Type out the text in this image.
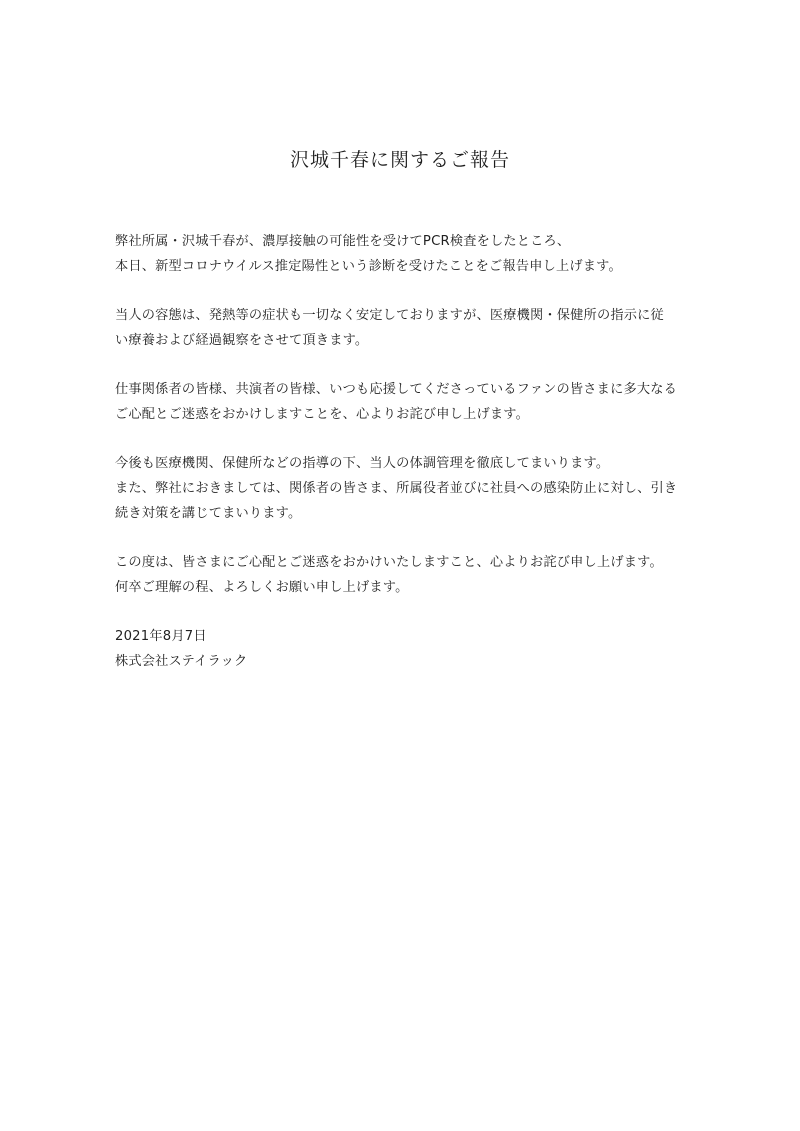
沢城千春に関するご報告

弊社所属・沢城千春が、濃厚接触の可能性を受けてPCR検査をしたところ、
本日、新型コロナウイルス推定陽性という診断を受けたことをご報告申し上げます。

当人の容態は、発熱等の症状も一切なく安定しておりますが、医療機関・保健所の指示に従
い療養および経過観察をさせて頂きます。

仕事関係者の皆様、共演者の皆様、いつも応援してくださっているファンの皆さまに多大なる
ご心配とご迷惑をおかけしますことを、心よりお詫び申し上げます。

今後も医療機関、保健所などの指導の下、当人の体調管理を徹底してまいります。
また、弊社におきましては、関係者の皆さま、所属役者並びに社員への感染防止に対し、引き
続き対策を講じてまいります。

この度は、皆さまにご心配とご迷惑をおかけいたしますこと、心よりお詫び申し上げます。
何卒ご理解の程、よろしくお願い申し上げます。

2021年8月7日
株式会社ステイラック
